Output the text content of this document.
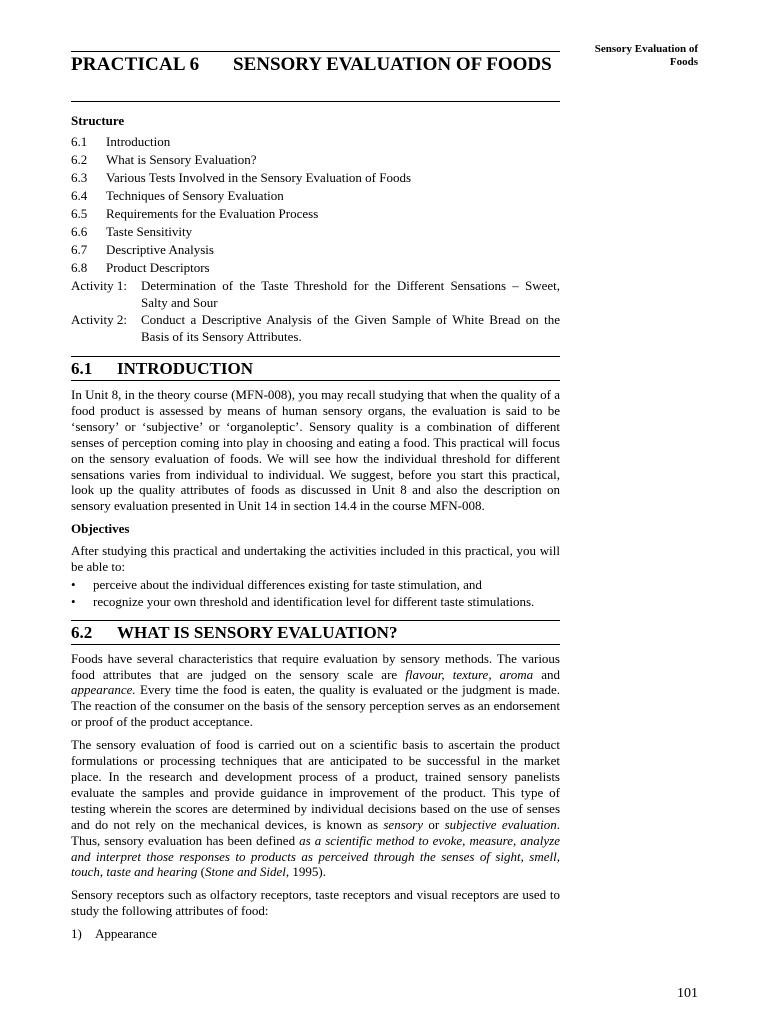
Sensory Evaluation of Foods
PRACTICAL 6 SENSORY EVALUATION OF FOODS
Structure
6.1	Introduction
6.2	What is Sensory Evaluation?
6.3	Various Tests Involved in the Sensory Evaluation of Foods
6.4	Techniques of Sensory Evaluation
6.5	Requirements for the Evaluation Process
6.6	Taste Sensitivity
6.7	Descriptive Analysis
6.8	Product Descriptors
Activity 1:	Determination of the Taste Threshold for the Different Sensations – Sweet, Salty and Sour
Activity 2:	Conduct a Descriptive Analysis of the Given Sample of White Bread on the Basis of its Sensory Attributes.
6.1	INTRODUCTION

In Unit 8, in the theory course (MFN-008), you may recall studying that when the quality of a food product is assessed by means of human sensory organs, the evaluation is said to be ‘sensory’ or ‘subjective’ or ‘organoleptic’. Sensory quality is a combination of different senses of perception coming into play in choosing and eating a food. This practical will focus on the sensory evaluation of foods. We will see how the individual threshold for different sensations varies from individual to individual. We suggest, before you start this practical, look up the quality attributes of foods as discussed in Unit 8 and also the description on sensory evaluation presented in Unit 14 in section 14.4 in the course MFN-008.

Objectives

After studying this practical and undertaking the activities included in this practical, you will be able to:

•	perceive about the individual differences existing for taste stimulation, and
•	recognize your own threshold and identification level for different taste stimulations.
6.2	WHAT IS SENSORY EVALUATION?

Foods have several characteristics that require evaluation by sensory methods. The various food attributes that are judged on the sensory scale are flavour, texture, aroma and appearance. Every time the food is eaten, the quality is evaluated or the judgment is made. The reaction of the consumer on the basis of the sensory perception serves as an endorsement or proof of the product acceptance.

The sensory evaluation of food is carried out on a scientific basis to ascertain the product formulations or processing techniques that are anticipated to be successful in the market place. In the research and development process of a product, trained sensory panelists evaluate the samples and provide guidance in improvement of the product. This type of testing wherein the scores are determined by individual decisions based on the use of senses and do not rely on the mechanical devices, is known as sensory or subjective evaluation. Thus, sensory evaluation has been defined as a scientific method to evoke, measure, analyze and interpret those responses to products as perceived through the senses of sight, smell, touch, taste and hearing (Stone and Sidel, 1995).

Sensory receptors such as olfactory receptors, taste receptors and visual receptors are used to study the following attributes of food:

1)	Appearance
101
